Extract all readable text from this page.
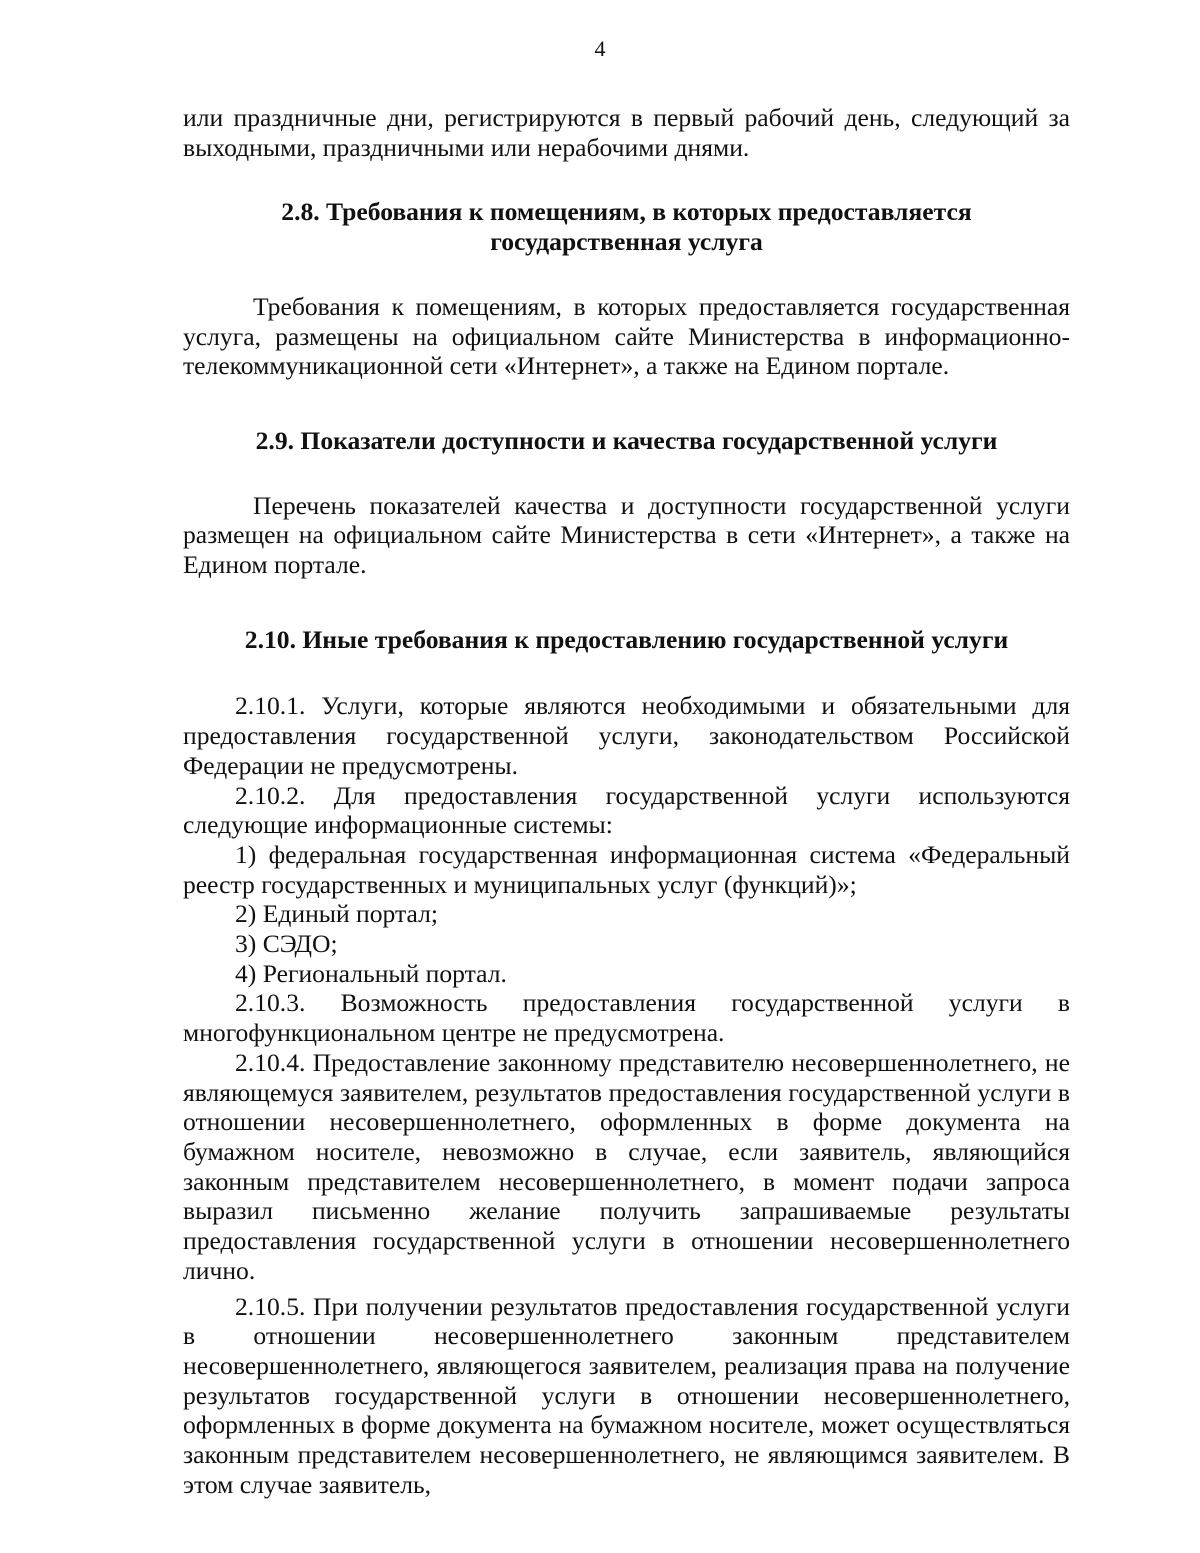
4

или праздничные дни, регистрируются в первый рабочий день, следующий за выходными, праздничными или нерабочими днями.

2.8. Требования к помещениям, в которых предоставляется
государственная услуга

Требования к помещениям, в которых предоставляется государственная услуга, размещены на официальном сайте Министерства в информационно-телекоммуникационной сети «Интернет», а также на Едином портале.

2.9. Показатели доступности и качества государственной услуги

Перечень показателей качества и доступности государственной услуги размещен на официальном сайте Министерства в сети «Интернет», а также на Едином портале.

2.10. Иные требования к предоставлению государственной услуги

2.10.1. Услуги, которые являются необходимыми и обязательными для предоставления государственной услуги, законодательством Российской Федерации не предусмотрены.

2.10.2. Для предоставления государственной услуги используются следующие информационные системы:

1) федеральная государственная информационная система «Федеральный реестр государственных и муниципальных услуг (функций)»;

2) Единый портал;

3) СЭДО;

4) Региональный портал.

2.10.3. Возможность предоставления государственной услуги в многофункциональном центре не предусмотрена.

2.10.4. Предоставление законному представителю несовершеннолетнего, не являющемуся заявителем, результатов предоставления государственной услуги в отношении несовершеннолетнего, оформленных в форме документа на бумажном носителе, невозможно в случае, если заявитель, являющийся законным представителем несовершеннолетнего, в момент подачи запроса выразил письменно желание получить запрашиваемые результаты предоставления государственной услуги в отношении несовершеннолетнего лично.

2.10.5. При получении результатов предоставления государственной услуги в отношении несовершеннолетнего законным представителем несовершеннолетнего, являющегося заявителем, реализация права на получение результатов государственной услуги в отношении несовершеннолетнего, оформленных в форме документа на бумажном носителе, может осуществляться законным представителем несовершеннолетнего, не являющимся заявителем. В этом случае заявитель,
